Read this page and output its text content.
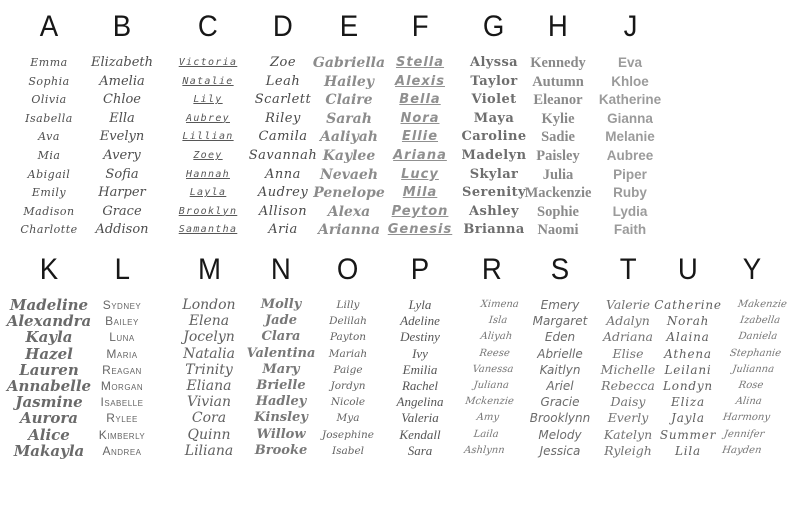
A
Emma
Sophia
Olivia
Isabella
Ava
Mia
Abigail
Emily
Madison
Charlotte
B
Elizabeth
Amelia
Chloe
Ella
Evelyn
Avery
Sofia
Harper
Grace
Addison
C
Victoria
Natalie
Lily
Aubrey
Lillian
Zoey
Hannah
Layla
Brooklyn
Samantha
D
Zoe
Leah
Scarlett
Riley
Camila
Savannah
Anna
Audrey
Allison
Aria
E
Gabriella
Hailey
Claire
Sarah
Aaliyah
Kaylee
Nevaeh
Penelope
Alexa
Arianna
F
Stella
Alexis
Bella
Nora
Ellie
Ariana
Lucy
Mila
Peyton
Genesis
G
Alyssa
Taylor
Violet
Maya
Caroline
Madelyn
Skylar
Serenity
Ashley
Brianna
H
Kennedy
Autumn
Eleanor
Kylie
Sadie
Paisley
Julia
Mackenzie
Sophie
Naomi
J
Eva
Khloe
Katherine
Gianna
Melanie
Aubree
Piper
Ruby
Lydia
Faith
K
Madeline
Alexandra
Kayla
Hazel
Lauren
Annabelle
Jasmine
Aurora
Alice
Makayla
L
Sydney
Bailey
Luna
Maria
Reagan
Morgan
Isabelle
Rylee
Kimberly
Andrea
M
London
Elena
Jocelyn
Natalia
Trinity
Eliana
Vivian
Cora
Quinn
Liliana
N
Molly
Jade
Clara
Valentina
Mary
Brielle
Hadley
Kinsley
Willow
Brooke
O
Lilly
Delilah
Payton
Mariah
Paige
Jordyn
Nicole
Mya
Josephine
Isabel
P
Lyla
Adeline
Destiny
Ivy
Emilia
Rachel
Angelina
Valeria
Kendall
Sara
R
Ximena
Isla
Aliyah
Reese
Vanessa
Juliana
Mckenzie
Amy
Laila
Ashlynn
S
Emery
Margaret
Eden
Abrielle
Kaitlyn
Ariel
Gracie
Brooklynn
Melody
Jessica
T
Valerie
Adalyn
Adriana
Elise
Michelle
Rebecca
Daisy
Everly
Katelyn
Ryleigh
U
Catherine
Norah
Alaina
Athena
Leilani
Londyn
Eliza
Jayla
Summer
Lila
Y
Makenzie
Izabella
Daniela
Stephanie
Julianna
Rose
Alina
Harmony
Jennifer
Hayden
